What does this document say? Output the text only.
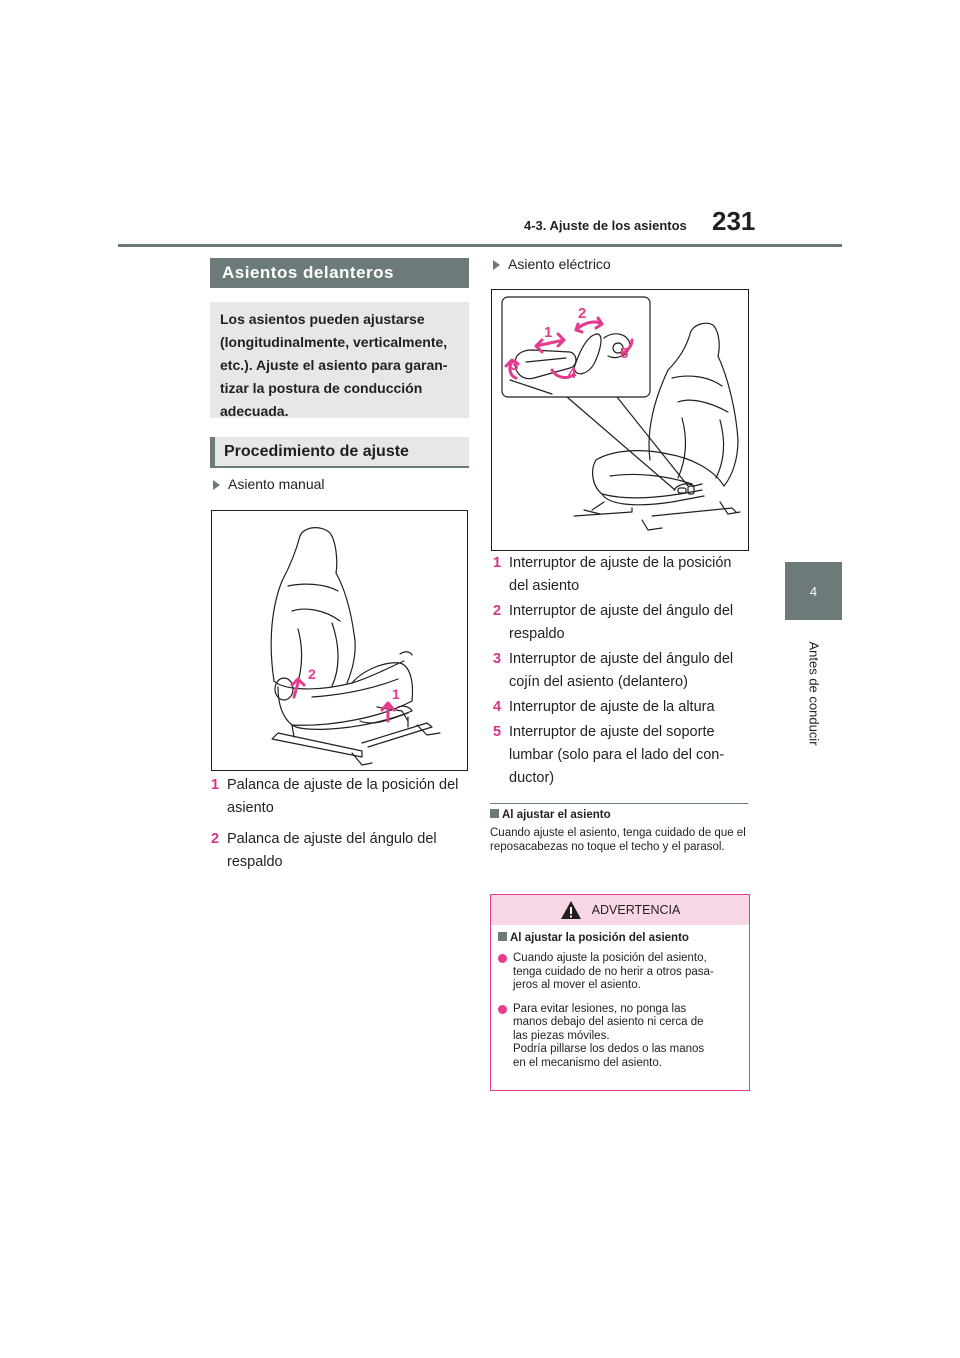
4-3. Ajuste de los asientos 231
4
Antes de conducir
Asientos delanteros
Los asientos pueden ajustarse (longitudinalmente, verticalmente, etc.). Ajuste el asiento para garan-tizar la postura de conducción adecuada.
Procedimiento de ajuste
Asiento manual
2
1
1 Palanca de ajuste de la posición del asiento
2 Palanca de ajuste del ángulo del respaldo
Asiento eléctrico
1
2
3	4
5
1 Interruptor de ajuste de la posición del asiento
2 Interruptor de ajuste del ángulo del respaldo
3 Interruptor de ajuste del ángulo del cojín del asiento (delantero)
4 Interruptor de ajuste de la altura
5 Interruptor de ajuste del soporte lumbar (solo para el lado del con-ductor)
Al ajustar el asiento
Cuando ajuste el asiento, tenga cuidado de que el reposacabezas no toque el techo y el parasol.
ADVERTENCIA
Al ajustar la posición del asiento
Cuando ajuste la posición del asiento,
tenga cuidado de no herir a otros pasa-
jeros al mover el asiento.
Para evitar lesiones, no ponga las
manos debajo del asiento ni cerca de
las piezas móviles.
Podría pillarse los dedos o las manos
en el mecanismo del asiento.
